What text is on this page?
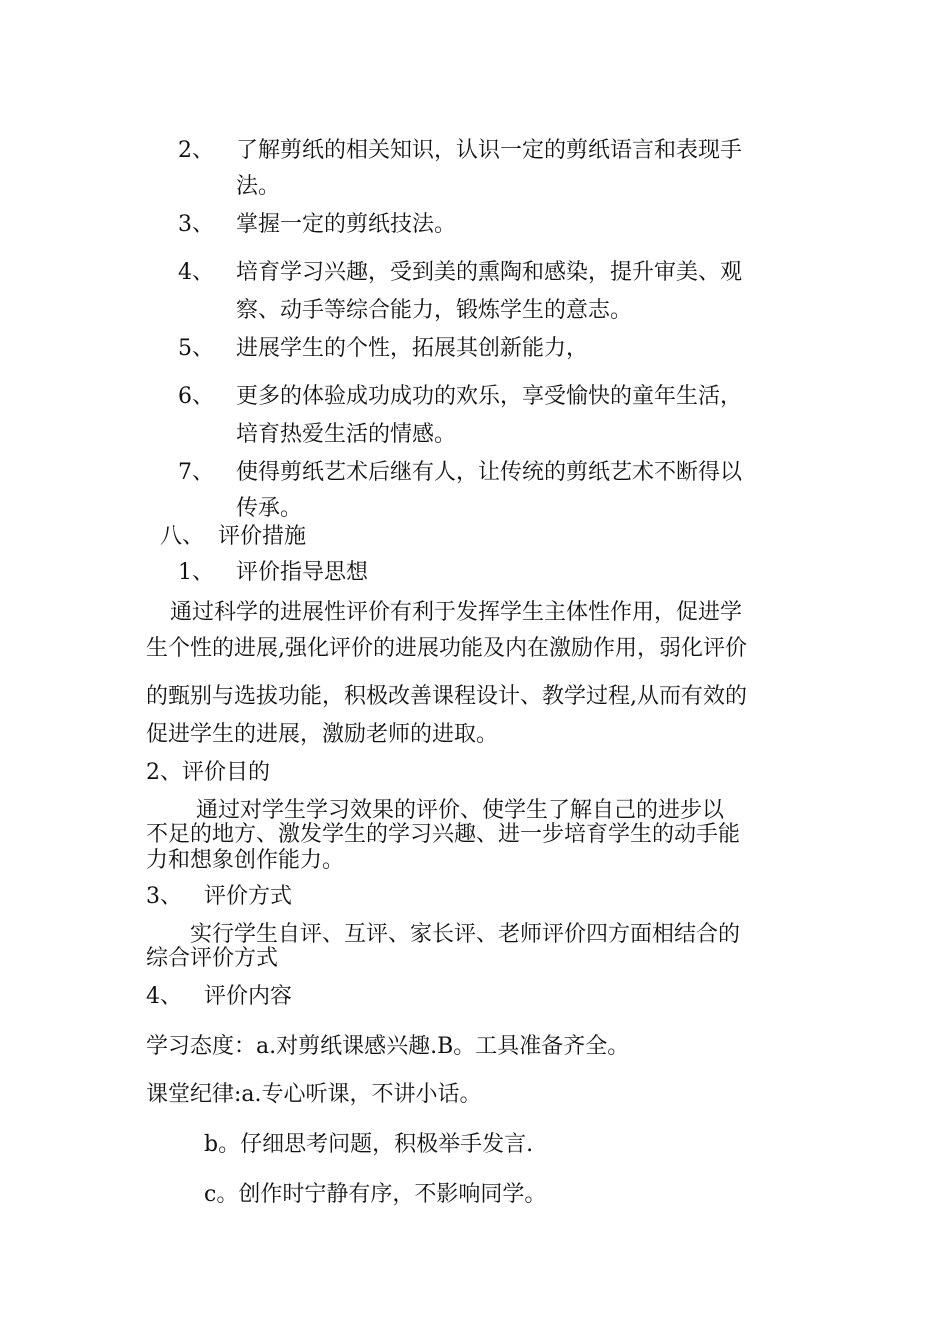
2、 了解剪纸的相关知识，认识一定的剪纸语言和表现手
法。
3、 掌握一定的剪纸技法。
4、 培育学习兴趣，受到美的熏陶和感染，提升审美、观
察、动手等综合能力，锻炼学生的意志。
5、 进展学生的个性，拓展其创新能力，
6、 更多的体验成功成功的欢乐，享受愉快的童年生活，
培育热爱生活的情感。
7、 使得剪纸艺术后继有人，让传统的剪纸艺术不断得以
传承。
八、 评价措施
1、 评价指导思想
通过科学的进展性评价有利于发挥学生主体性作用，促进学
生个性的进展,强化评价的进展功能及内在激励作用，弱化评价
的甄别与选拔功能，积极改善课程设计、教学过程,从而有效的
促进学生的进展，激励老师的进取。
2、评价目的
通过对学生学习效果的评价、使学生了解自己的进步以
不足的地方、激发学生的学习兴趣、进一步培育学生的动手能
力和想象创作能力。
3、 评价方式
实行学生自评、互评、家长评、老师评价四方面相结合的
综合评价方式
4、 评价内容
学习态度：a.对剪纸课感兴趣.B。工具准备齐全。
课堂纪律:a.专心听课，不讲小话。
b。仔细思考问题，积极举手发言.
c。创作时宁静有序，不影响同学。
